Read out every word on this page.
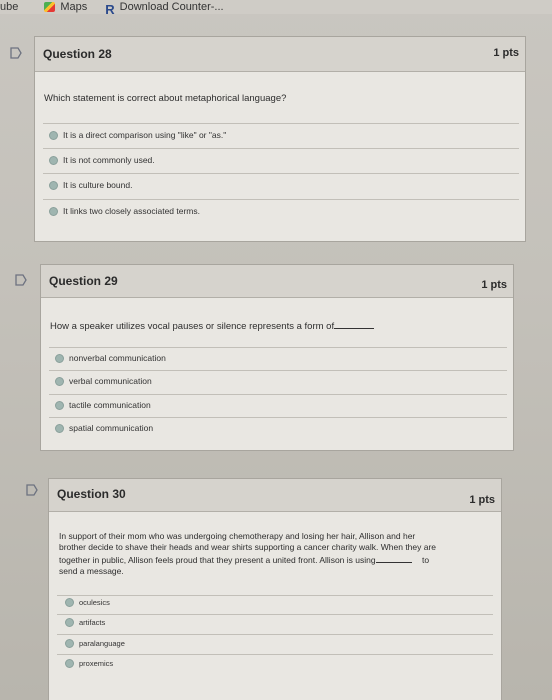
ube	Maps R Download Counter-...
Question 28	1 pts
Which statement is correct about metaphorical language?
It is a direct comparison using "like" or "as."
It is not commonly used.
It is culture bound.
It links two closely associated terms.
Question 29	1 pts
How a speaker utilizes vocal pauses or silence represents a form of
nonverbal communication
verbal communication
tactile communication
spatial communication
Question 30	1 pts
In support of their mom who was undergoing chemotherapy and losing her hair, Allison and her
brother decide to shave their heads and wear shirts supporting a cancer charity walk. When they are
together in public, Allison feels proud that they present a united front. Allison is using	to
send a message.
oculesics
artifacts
paralanguage
proxemics
